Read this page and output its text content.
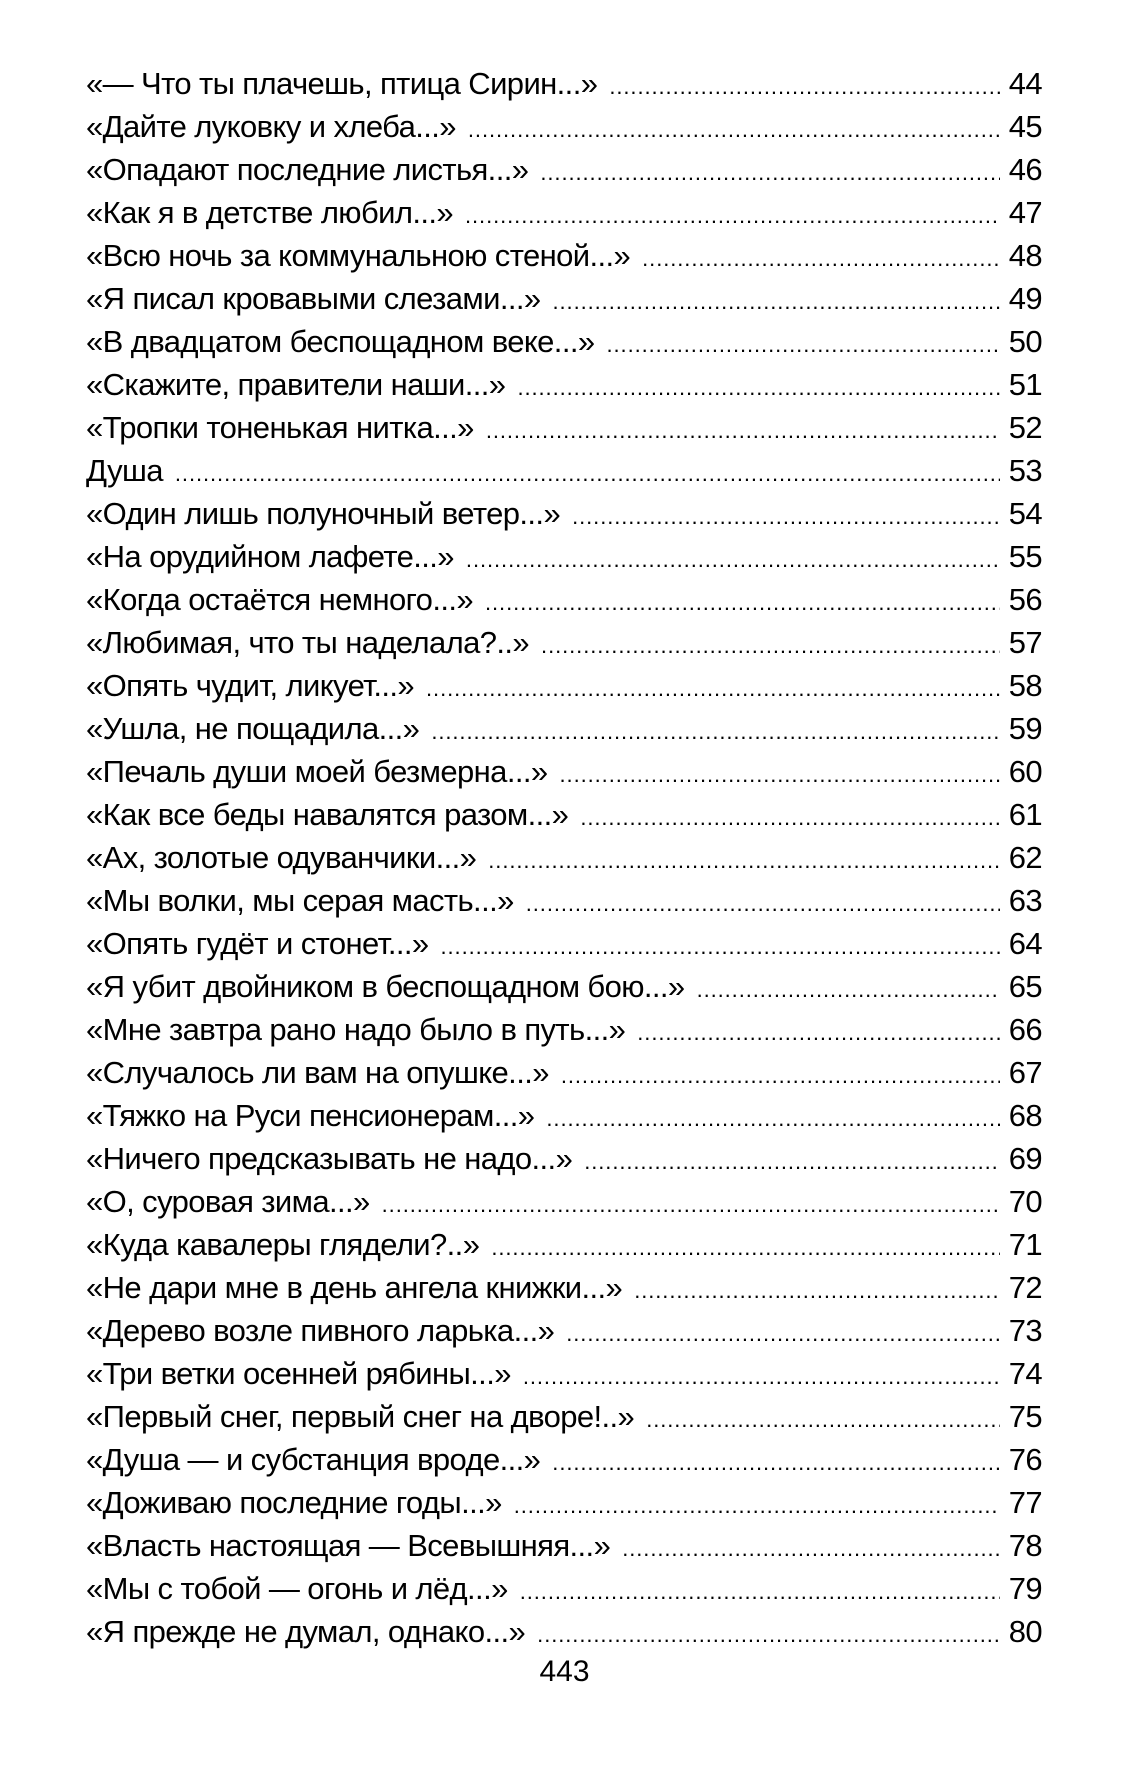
«— Что ты плачешь, птица Сирин...» . . .	44
«Дайте луковку и хлеба...» . . .	45
«Опадают последние листья...» . . .	46
«Как я в детстве любил...» . . .	47
«Всю ночь за коммунальною стеной...» . . .	48
«Я писал кровавыми слезами...» . . .	49
«В двадцатом беспощадном веке...» . . .	50
«Скажите, правители наши...» . . .	51
«Тропки тоненькая нитка...» . . .	52
Душа . . .	53
«Один лишь полуночный ветер...» . . .	54
«На орудийном лафете...» . . .	55
«Когда остаётся немного...» . . .	56
«Любимая, что ты наделала?..» . . .	57
«Опять чудит, ликует...» . . .	58
«Ушла, не пощадила...» . . .	59
«Печаль души моей безмерна...» . . .	60
«Как все беды навалятся разом...» . . .	61
«Ах, золотые одуванчики...» . . .	62
«Мы волки, мы серая масть...» . . .	63
«Опять гудёт и стонет...» . . .	64
«Я убит двойником в беспощадном бою...» . . .	65
«Мне завтра рано надо было в путь...» . . .	66
«Случалось ли вам на опушке...» . . .	67
«Тяжко на Руси пенсионерам...» . . .	68
«Ничего предсказывать не надо...» . . .	69
«О, суровая зима...» . . .	70
«Куда кавалеры глядели?..» . . .	71
«Не дари мне в день ангела книжки...» . . .	72
«Дерево возле пивного ларька...» . . .	73
«Три ветки осенней рябины...» . . .	74
«Первый снег, первый снег на дворе!..» . . .	75
«Душа — и субстанция вроде...» . . .	76
«Доживаю последние годы...» . . .	77
«Власть настоящая — Всевышняя...» . . .	78
«Мы с тобой — огонь и лёд...» . . .	79
«Я прежде не думал, однако...» . . .	80
443
